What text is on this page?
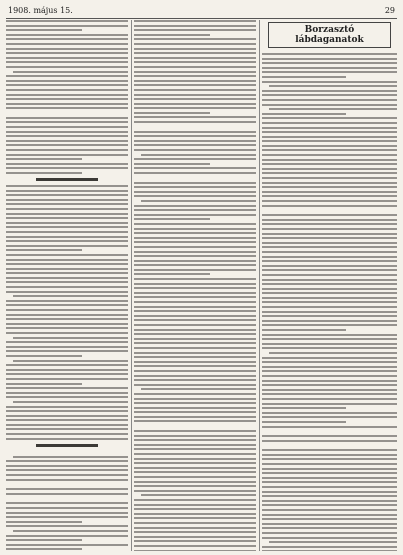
1908. május 15.	29
Borzasztó lábdaganatok
